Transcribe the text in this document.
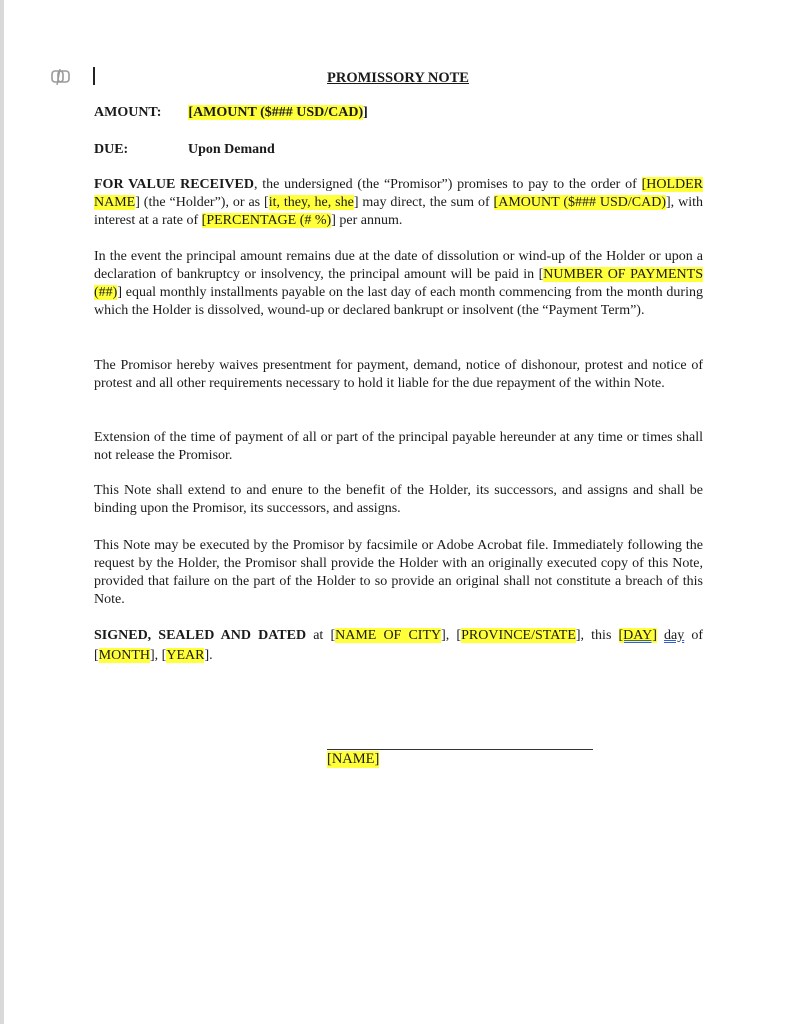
PROMISSORY NOTE
AMOUNT: [AMOUNT ($### USD/CAD)]
DUE:	Upon Demand
FOR VALUE RECEIVED, the undersigned (the “Promisor”) promises to pay to the order of [HOLDER NAME] (the “Holder”), or as [it, they, he, she] may direct, the sum of [AMOUNT ($### USD/CAD)], with interest at a rate of [PERCENTAGE (# %)] per annum.
In the event the principal amount remains due at the date of dissolution or wind-up of the Holder or upon a declaration of bankruptcy or insolvency, the principal amount will be paid in [NUMBER OF PAYMENTS (##)] equal monthly installments payable on the last day of each month commencing from the month during which the Holder is dissolved, wound-up or declared bankrupt or insolvent (the “Payment Term”).
The Promisor hereby waives presentment for payment, demand, notice of dishonour, protest and notice of protest and all other requirements necessary to hold it liable for the due repayment of the within Note.
Extension of the time of payment of all or part of the principal payable hereunder at any time or times shall not release the Promisor.
This Note shall extend to and enure to the benefit of the Holder, its successors, and assigns and shall be binding upon the Promisor, its successors, and assigns.
This Note may be executed by the Promisor by facsimile or Adobe Acrobat file. Immediately following the request by the Holder, the Promisor shall provide the Holder with an originally executed copy of this Note, provided that failure on the part of the Holder to so provide an original shall not constitute a breach of this Note.
SIGNED, SEALED AND DATED at [NAME OF CITY], [PROVINCE/STATE], this [DAY] day of [MONTH], [YEAR].
[NAME]
